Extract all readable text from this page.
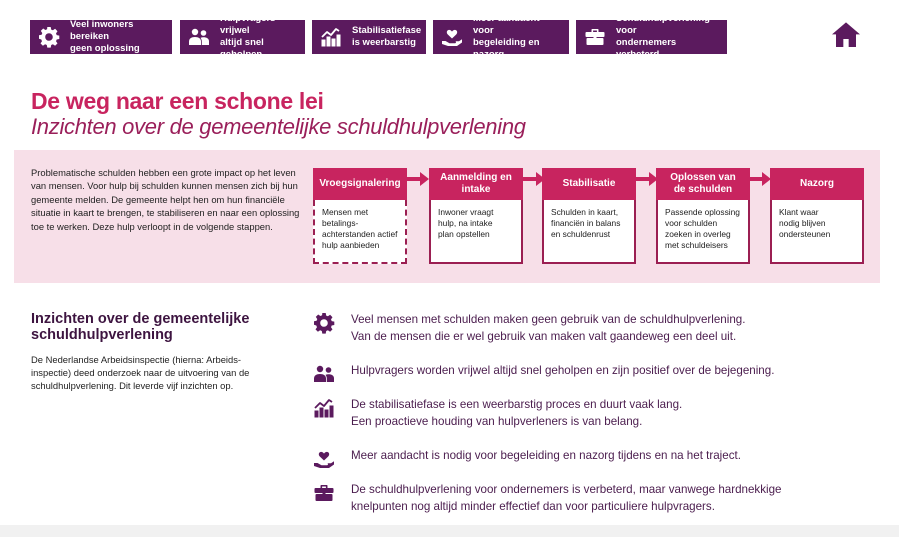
Veel inwoners bereiken
geen oplossing
Hulpvragers vrijwel
altijd snel geholpen
Stabilisatiefase
is weerbarstig
Meer aandacht voor
begeleiding en nazorg
Schuldhulpverlening voor
ondernemers verbeterd
De weg naar een schone lei
Inzichten over de gemeentelijke schuldhulpverlening
Problematische schulden hebben een grote impact op het leven van mensen. Voor hulp bij schulden kunnen mensen zich bij hun gemeente melden. De gemeente helpt hen om hun financiële situatie in kaart te brengen, te stabiliseren en naar een oplossing toe te werken. Deze hulp verloopt in de volgende stappen.
Vroegsignalering
Mensen met
betalings-
achterstanden actief
hulp aanbieden
Aanmelding en
intake
Inwoner vraagt
hulp, na intake
plan opstellen
Stabilisatie
Schulden in kaart,
financiën in balans
en schuldenrust
Oplossen van
de schulden
Passende oplossing
voor schulden
zoeken in overleg
met schuldeisers
Nazorg
Klant waar
nodig blijven
ondersteunen
Inzichten over de gemeentelijke schuldhulpverlening
De Nederlandse Arbeidsinspectie (hierna: Arbeids-inspectie) deed onderzoek naar de uitvoering van de schuldhulpverlening. Dit leverde vijf inzichten op.
Veel mensen met schulden maken geen gebruik van de schuldhulpverlening.
Van de mensen die er wel gebruik van maken valt gaandeweg een deel uit.
Hulpvragers worden vrijwel altijd snel geholpen en zijn positief over de bejegening.
De stabilisatiefase is een weerbarstig proces en duurt vaak lang.
Een proactieve houding van hulpverleners is van belang.
Meer aandacht is nodig voor begeleiding en nazorg tijdens en na het traject.
De schuldhulpverlening voor ondernemers is verbeterd, maar vanwege hardnekkige
knelpunten nog altijd minder effectief dan voor particuliere hulpvragers.
